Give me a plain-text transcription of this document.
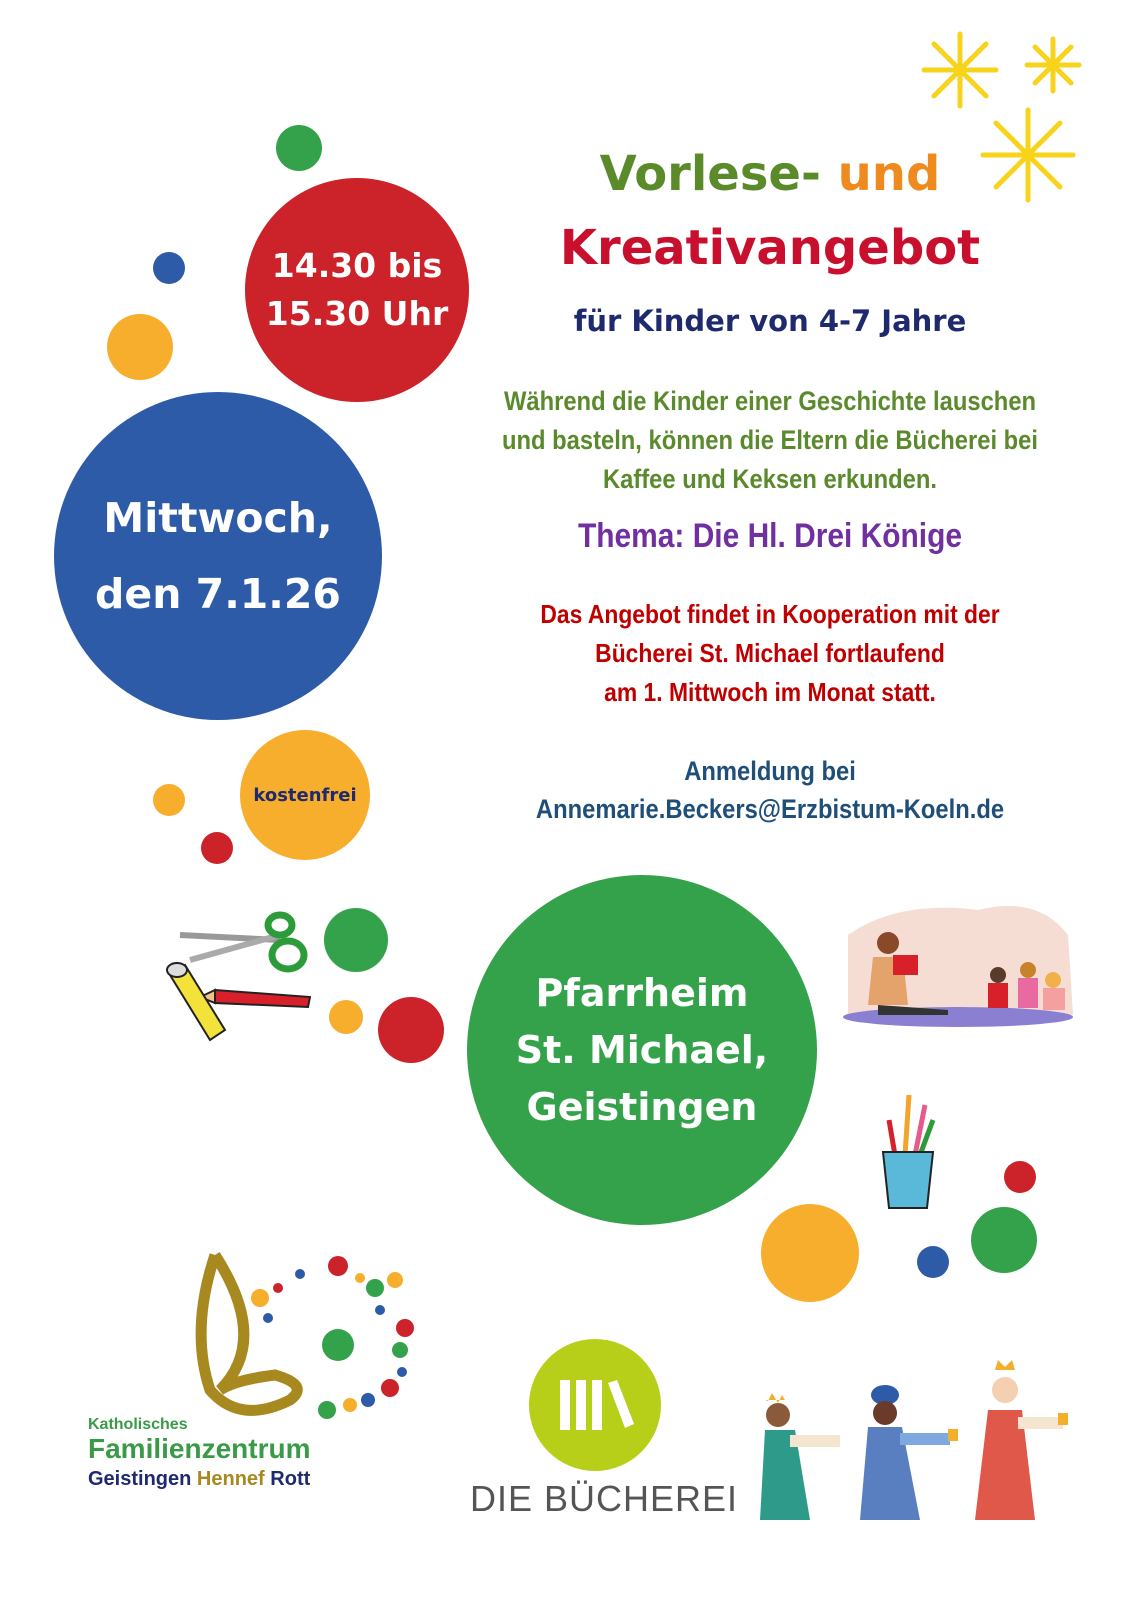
14.30 bis
15.30 Uhr
Mittwoch,
den 7.1.26
kostenfrei
Pfarrheim
St. Michael,
Geistingen
Vorlese- und
Kreativangebot
für Kinder von 4-7 Jahre
Während die Kinder einer Geschichte lauschen
und basteln, können die Eltern die Bücherei bei
Kaffee und Keksen erkunden.
Thema: Die Hl. Drei Könige
Das Angebot findet in Kooperation mit der
Bücherei St. Michael fortlaufend
am 1. Mittwoch im Monat statt.
Anmeldung bei
Annemarie.Beckers@Erzbistum-Koeln.de
Katholisches
Familienzentrum
Geistingen Hennef Rott	DIE BÜCHEREI
